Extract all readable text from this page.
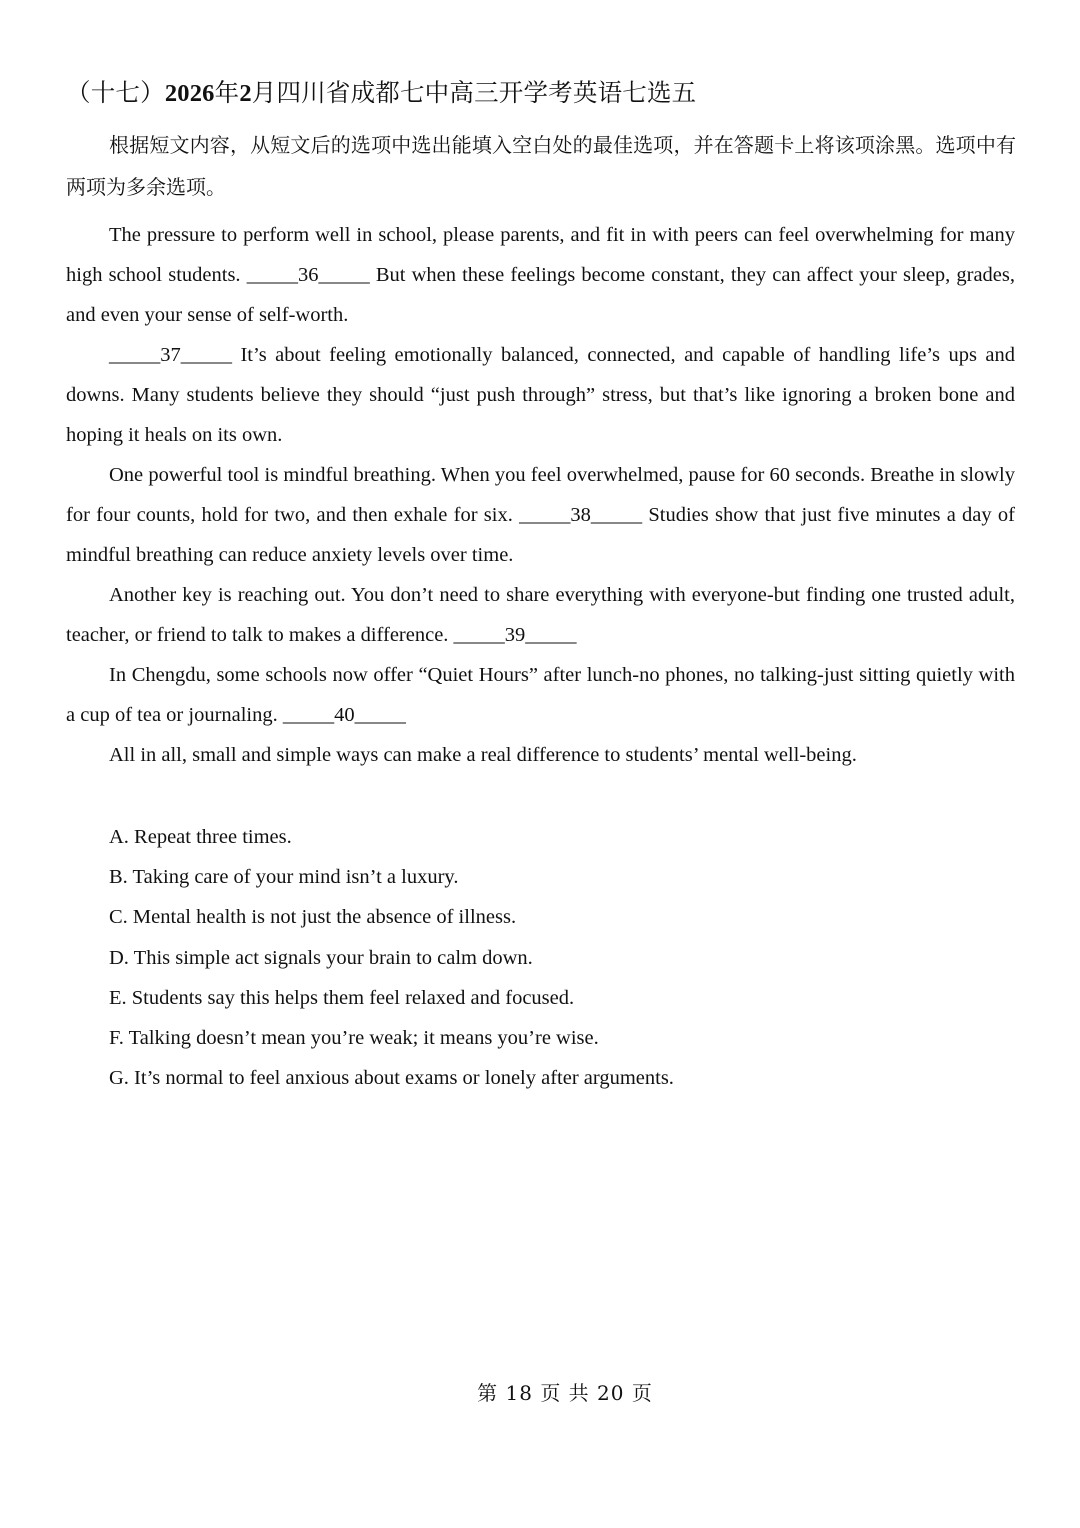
（十七）2026年2月四川省成都七中高三开学考英语七选五
根据短文内容，从短文后的选项中选出能填入空白处的最佳选项，并在答题卡上将该项涂黑。选项中有两项为多余选项。

The pressure to perform well in school, please parents, and fit in with peers can feel overwhelming for many high school students. _____36_____ But when these feelings become constant, they can affect your sleep, grades, and even your sense of self-worth.

_____37_____ It’s about feeling emotionally balanced, connected, and capable of handling life’s ups and downs. Many students believe they should “just push through” stress, but that’s like ignoring a broken bone and hoping it heals on its own.

One powerful tool is mindful breathing. When you feel overwhelmed, pause for 60 seconds. Breathe in slowly for four counts, hold for two, and then exhale for six. _____38_____ Studies show that just five minutes a day of mindful breathing can reduce anxiety levels over time.

Another key is reaching out. You don’t need to share everything with everyone-but finding one trusted adult, teacher, or friend to talk to makes a difference. _____39_____

In Chengdu, some schools now offer “Quiet Hours” after lunch-no phones, no talking-just sitting quietly with a cup of tea or journaling. _____40_____

All in all, small and simple ways can make a real difference to students’ mental well-being.

A. Repeat three times.
B. Taking care of your mind isn’t a luxury.
C. Mental health is not just the absence of illness.
D. This simple act signals your brain to calm down.
E. Students say this helps them feel relaxed and focused.
F. Talking doesn’t mean you’re weak; it means you’re wise.
G. It’s normal to feel anxious about exams or lonely after arguments.
第 18 页 共 20 页
